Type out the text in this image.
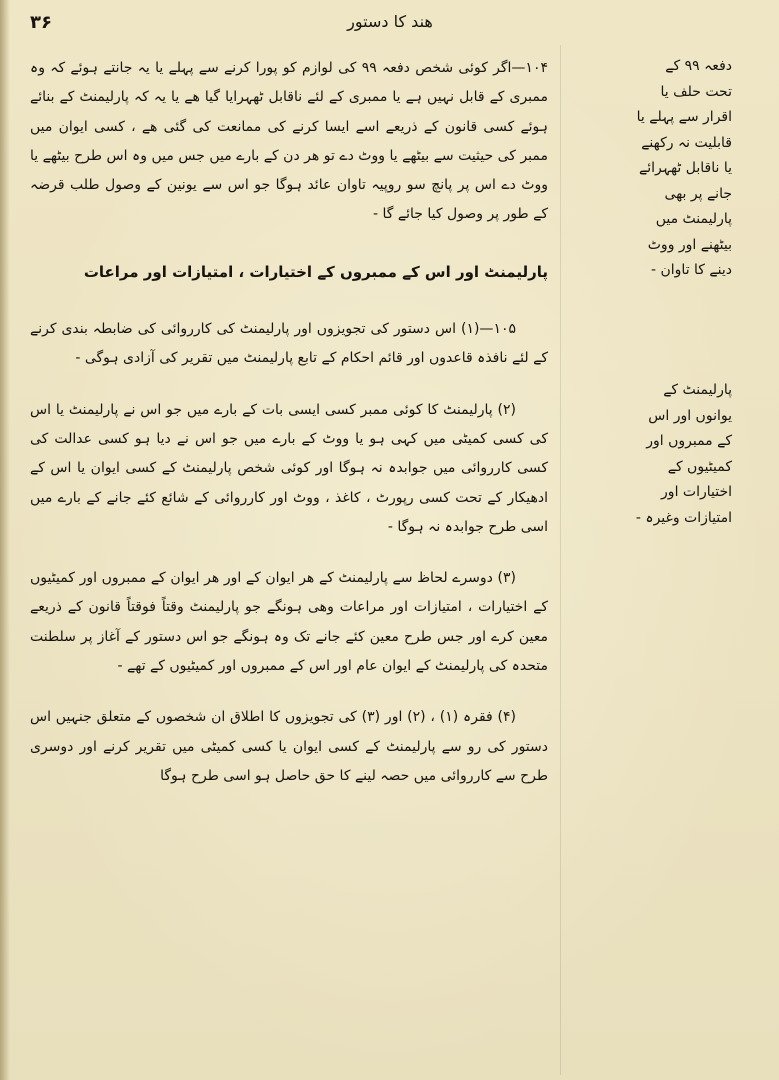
۳۶	ھند کا دستور
دفعہ ۹۹ کے
تحت حلف یا
اقرار سے پہلے یا
قابلیت نہ رکھنے
یا ناقابل ٹھہرائے
جانے پر بھی
پارلیمنٹ میں
بیٹھنے اور ووٹ
دینے کا تاوان -
پارلیمنٹ کے
یوانوں اور اس
کے ممبروں اور
کمیٹیوں کے
اختیارات اور
امتیازات وغیرہ -

۱۰۴—اگر کوئی شخص دفعہ ۹۹ کی لوازم کو پورا کرنے سے پہلے یا یہ جانتے ہوئے کہ وہ ممبری کے قابل نہیں ہے یا ممبری کے لئے ناقابل ٹھہرایا گیا ھے یا یہ کہ پارلیمنٹ کے بنائے ہوئے کسی قانون کے ذریعے اسے ایسا کرنے کی ممانعت کی گئی ھے ، کسی ایوان میں ممبر کی حیثیت سے بیٹھے یا ووٹ دے تو ھر دن کے بارے میں جس میں وہ اس طرح بیٹھے یا ووٹ دے اس پر پانچ سو روپیہ تاوان عائد ہوگا جو اس سے یونین کے وصول طلب قرضہ کے طور پر وصول کیا جائے گا -

پارلیمنٹ اور اس کے ممبروں کے اختیارات ، امتیازات اور مراعات

۱۰۵—(۱) اس دستور کی تجویزوں اور پارلیمنٹ کی کارروائی کی ضابطہ بندی کرنے کے لئے نافذہ قاعدوں اور قائم احکام کے تابع پارلیمنٹ میں تقریر کی آزادی ہوگی -

(۲) پارلیمنٹ کا کوئی ممبر کسی ایسی بات کے بارے میں جو اس نے پارلیمنٹ یا اس کی کسی کمیٹی میں کہی ہو یا ووٹ کے بارے میں جو اس نے دیا ہو کسی عدالت کی کسی کارروائی میں جوابدہ نہ ہوگا اور کوئی شخص پارلیمنٹ کے کسی ایوان یا اس کے ادھیکار کے تحت کسی رپورٹ ، کاغذ ، ووٹ اور کارروائی کے شائع کئے جانے کے بارے میں اسی طرح جوابدہ نہ ہوگا -

(۳) دوسرے لحاظ سے پارلیمنٹ کے ھر ایوان کے اور ھر ایوان کے ممبروں اور کمیٹیوں کے اختیارات ، امتیازات اور مراعات وھی ہونگے جو پارلیمنٹ وقتاً فوقتاً قانون کے ذریعے معین کرے اور جس طرح معین کئے جانے تک وہ ہونگے جو اس دستور کے آغاز پر سلطنت متحدہ کی پارلیمنٹ کے ایوان عام اور اس کے ممبروں اور کمیٹیوں کے تھے -

(۴) فقرہ (۱) ، (۲) اور (۳) کی تجویزوں کا اطلاق ان شخصوں کے متعلق جنہیں اس دستور کی رو سے پارلیمنٹ کے کسی ایوان یا کسی کمیٹی میں تقریر کرنے اور دوسری طرح سے کارروائی میں حصہ لینے کا حق حاصل ہو اسی طرح ہوگا
